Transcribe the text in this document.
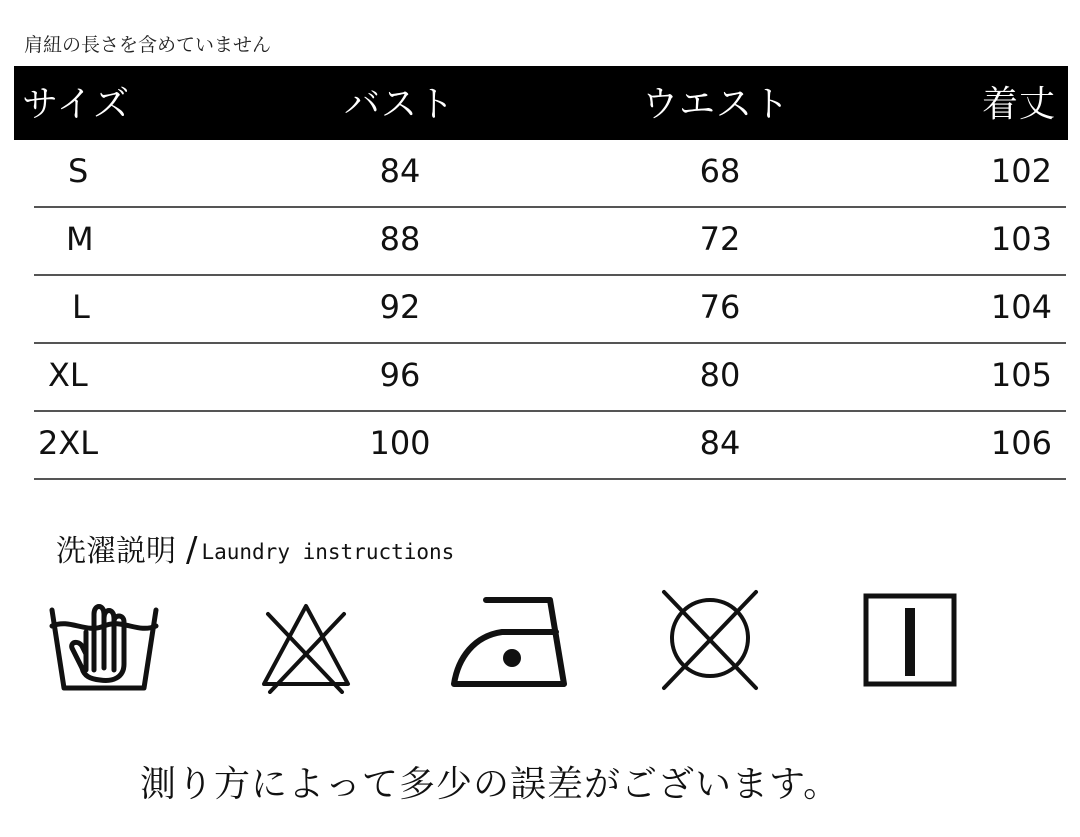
肩紐の長さを含めていません
サイズ	バスト	ウエスト	着丈
S	84	68	102
M	88	72	103
L	92	76	104
XL	96	80	105
2XL	100	84	106
洗濯説明 / Laundry instructions
測り方によって多少の誤差がございます。
